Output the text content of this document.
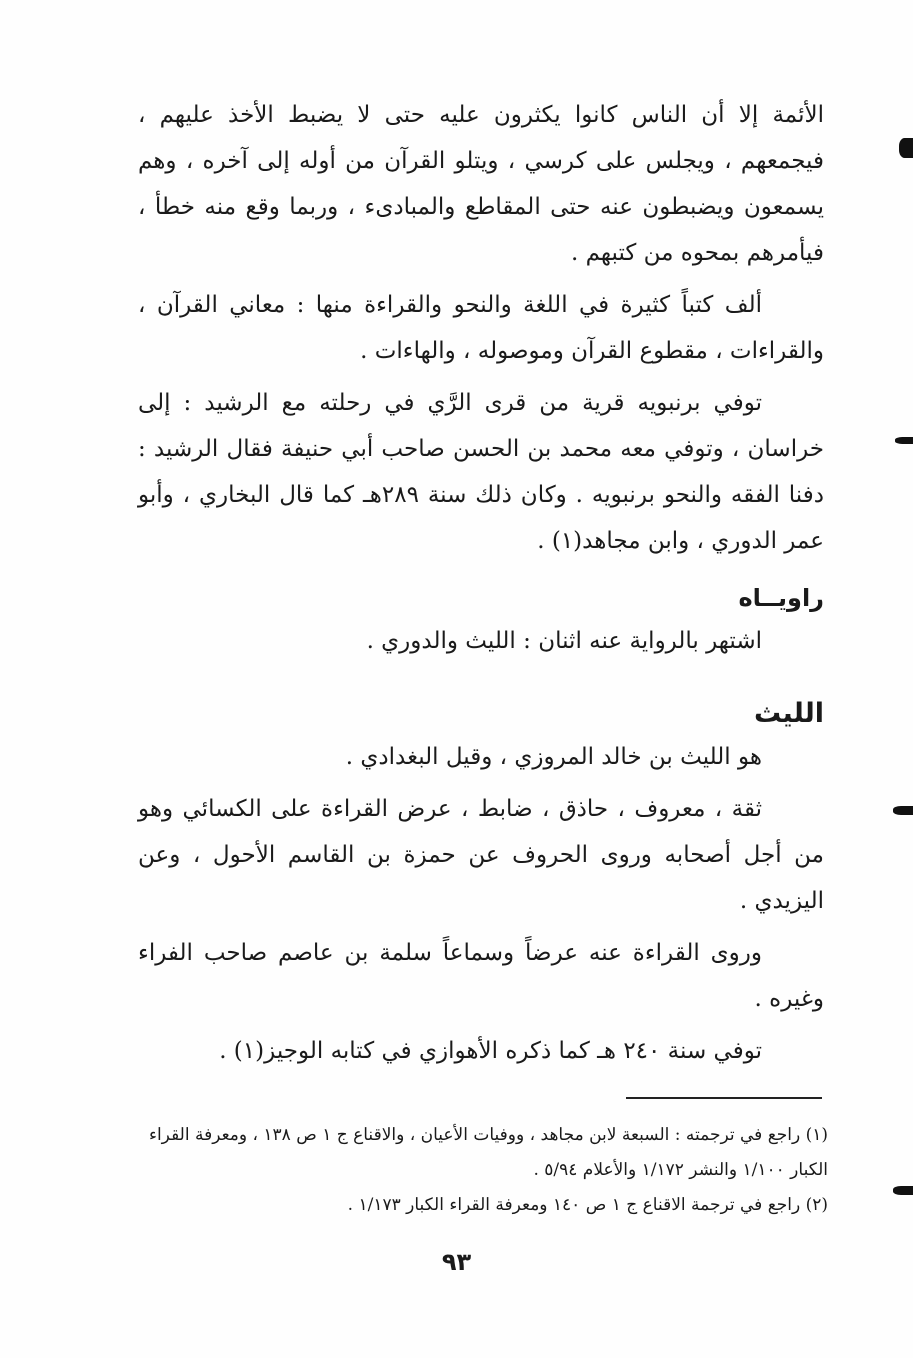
الأئمة إلا أن الناس كانوا يكثرون عليه حتى لا يضبط الأخذ عليهم ، فيجمعهم ، ويجلس على كرسي ، ويتلو القرآن من أوله إلى آخره ، وهم يسمعون ويضبطون عنه حتى المقاطع والمبادىء ، وربما وقع منه خطأ ، فيأمرهم بمحوه من كتبهم .

ألف كتباً كثيرة في اللغة والنحو والقراءة منها : معاني القرآن ، والقراءات ، مقطوع القرآن وموصوله ، والهاءات .

توفي برنبويه قرية من قرى الرَّي في رحلته مع الرشيد : إلى خراسان ، وتوفي معه محمد بن الحسن صاحب أبي حنيفة فقال الرشيد : دفنا الفقه والنحو برنبويه . وكان ذلك سنة ٢٨٩هـ كما قال البخاري ، وأبو عمر الدوري ، وابن مجاهد(١) .

راويــاه

اشتهر بالرواية عنه اثنان : الليث والدوري .

الليث

هو الليث بن خالد المروزي ، وقيل البغدادي .

ثقة ، معروف ، حاذق ، ضابط ، عرض القراءة على الكسائي وهو من أجل أصحابه وروى الحروف عن حمزة بن القاسم الأحول ، وعن اليزيدي .

وروى القراءة عنه عرضاً وسماعاً سلمة بن عاصم صاحب الفراء وغيره .

توفي سنة ٢٤٠ هـ كما ذكره الأهوازي في كتابه الوجيز(١) .

(١) راجع في ترجمته : السبعة لابن مجاهد ، ووفيات الأعيان ، والاقناع ج ١ ص ١٣٨ ، ومعرفة القراء الكبار ١/١٠٠ والنشر ١/١٧٢ والأعلام ٥/٩٤ .

(٢) راجع في ترجمة الاقناع ج ١ ص ١٤٠ ومعرفة القراء الكبار ١/١٧٣ .

٩٣
